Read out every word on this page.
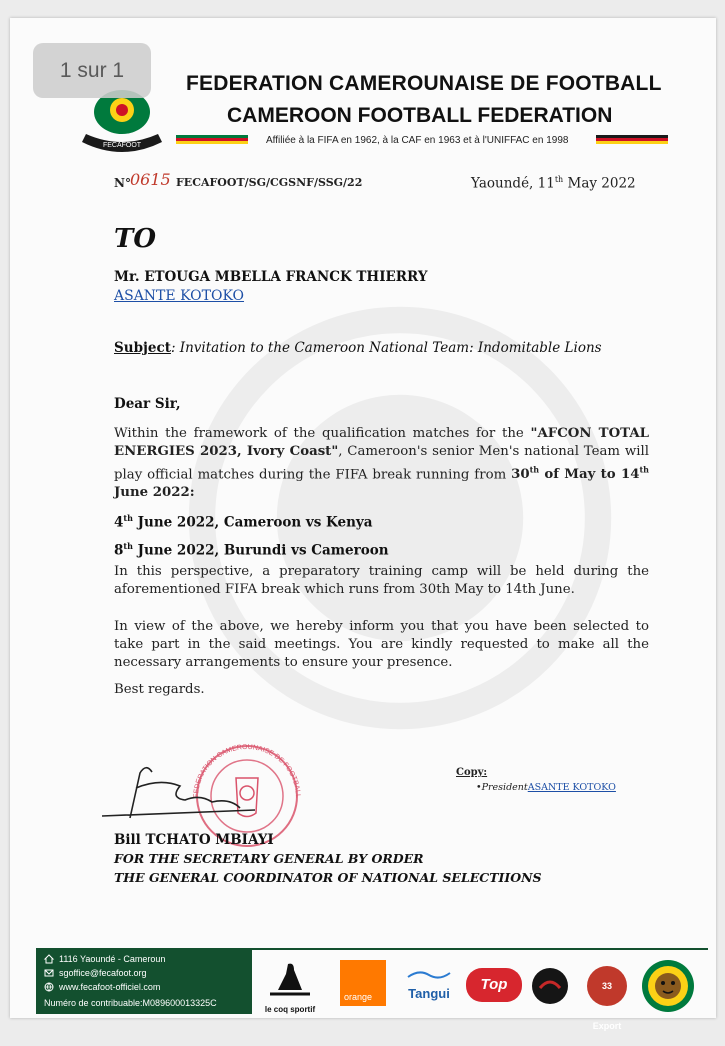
FECAFOOT
FEDERATION CAMEROUNAISE DE FOOTBALL
CAMEROON FOOTBALL FEDERATION
Affiliée à la FIFA en 1962, à la CAF en 1963 et à l'UNIFFAC en 1998
N° 0615 FECAFOOT/SG/CGSNF/SSG/22	Yaoundé, 11th May 2022
TO
Mr. ETOUGA MBELLA FRANCK THIERRY
ASANTE KOTOKO
Subject: Invitation to the Cameroon National Team: Indomitable Lions
Dear Sir,
Within the framework of the qualification matches for the "AFCON TOTAL ENERGIES 2023, Ivory Coast", Cameroon's senior Men's national Team will play official matches during the FIFA break running from 30th of May to 14th June 2022:
4th June 2022, Cameroon vs Kenya
8th June 2022, Burundi vs Cameroon
In this perspective, a preparatory training camp will be held during the aforementioned FIFA break which runs from 30th May to 14th June.
In view of the above, we hereby inform you that you have been selected to take part in the said meetings. You are kindly requested to make all the necessary arrangements to ensure your presence.
Best regards.
Copy:
•PresidentASANTE KOTOKO
FEDERATION CAMEROUNAISE DE FOOTBALL
Bill TCHATO MBIAYI
FOR THE SECRETARY GENERAL BY ORDER
THE GENERAL COORDINATOR OF NATIONAL SELECTIIONS
1116 Yaoundé - Cameroun
sgoffice@fecafoot.org
www.fecafoot-officiel.com
Numéro de contribuable:M089600013325C
le coq sportif
orange	Tangui
Top	33 Export
1 sur 1
